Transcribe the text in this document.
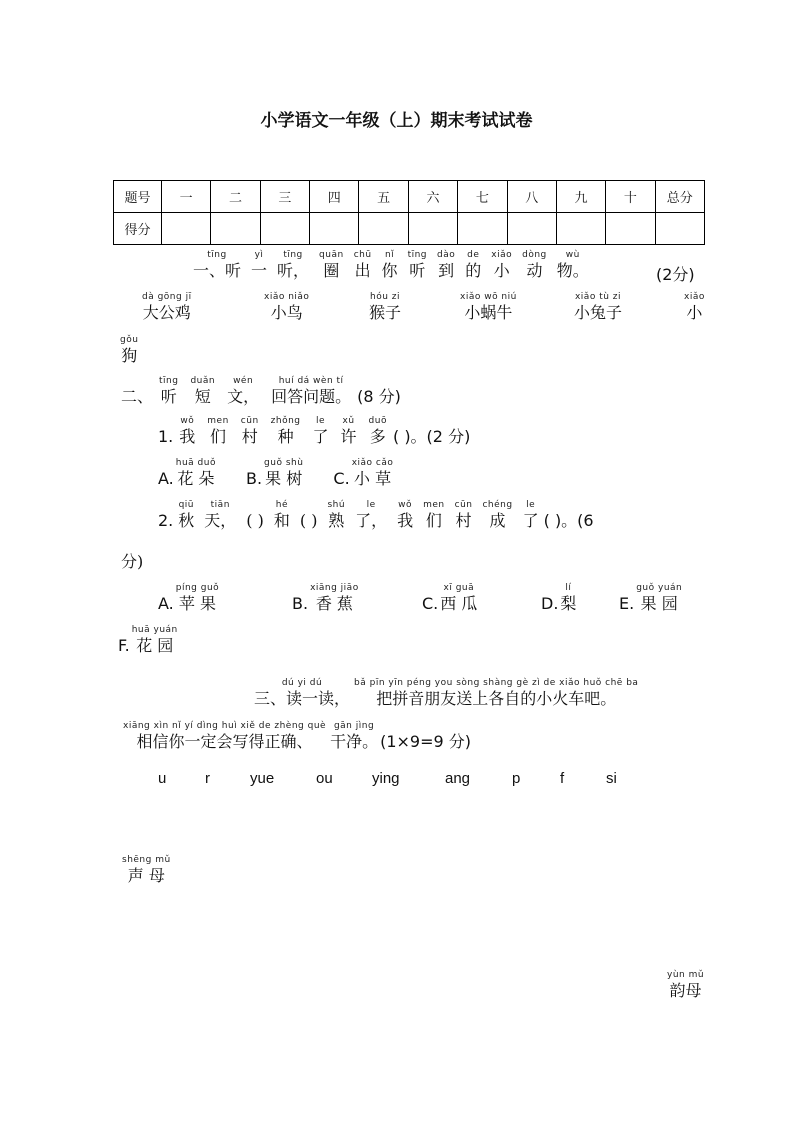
小学语文一年级（上）期末考试试卷
题号	一	二	三	四	五	六	七	八	九	十	总分
得分											
tīng
一、听
yì
一
tīng
听，
quān
圈
chū
出
nǐ
你
tīng
听
dào
到
de
的
xiǎo
小
dòng
动
wù
物。	(2分)
dà gōng jī
大公鸡
xiǎo niǎo
小鸟
hóu zi
猴子
xiǎo wō niú
小蜗牛
xiǎo tù zi
小兔子
xiǎo
小
gǒu
狗
二、
tīng
听
duǎn
短
wén
文，
huí dá wèn tí
回答问题。 (8 分)
1.
wǒ
我
men
们
cūn
村
zhǒng
种
le
了
xǔ
许
duō
多 ( )。(2 分)
A.
huā duǒ
花 朵 B.
guǒ shù
果 树 C.
xiǎo cǎo
小 草
2.
qiū
秋
tiān
天， ( )
hé
和 ( )
shú
熟
le
了，
wǒ
我
men
们
cūn
村
chéng
成
le
了 ( )。(6
分)
A.
píng guǒ
苹 果	B.
xiāng jiāo
香 蕉	C.
xī guā
西 瓜	D.
lí
梨	E.
guǒ yuán
果 园
F.
huā yuán
花 园
dú yi dú
三、读一读，
bǎ pīn yīn péng you sòng shàng gè zì de xiǎo huǒ chē ba
把拼音朋友送上各自的小火车吧。
xiāng xìn nǐ yí dìng huì xiě de zhèng què
相信你一定会写得正确、
gān jìng
干净。 (1×9=9 分)
u	r	yue	ou	ying	ang	p	f	si
shēng mǔ
声 母
yùn mǔ
韵母
